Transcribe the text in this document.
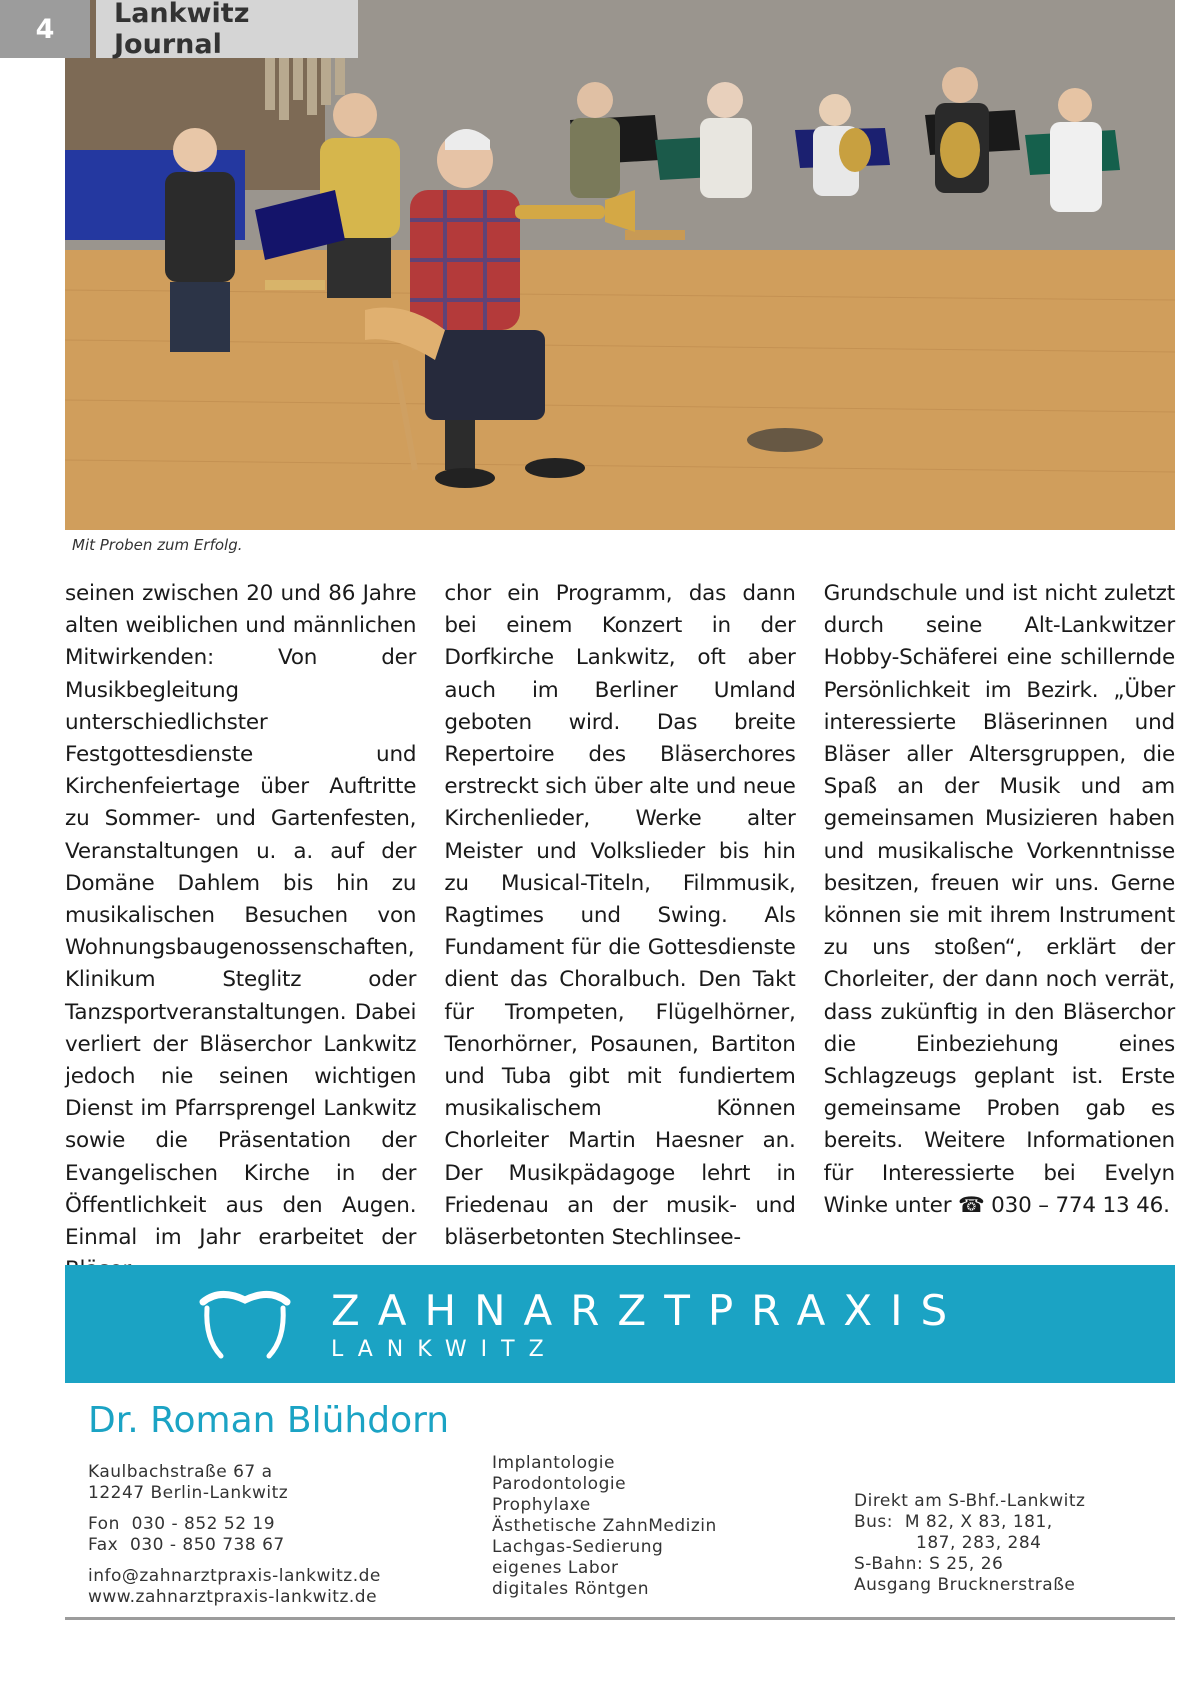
4	Lankwitz Journal
Mit Proben zum Erfolg.
seinen zwischen 20 und 86 Jahre alten weiblichen und männlichen Mitwirkenden: Von der Musikbegleitung unterschiedlichster Festgottesdienste und Kirchenfeiertage über Auftritte zu Sommer- und Gartenfesten, Veranstaltungen u. a. auf der Domäne Dahlem bis hin zu musikalischen Besuchen von Wohnungsbaugenossenschaften, Klinikum Steglitz oder Tanzsportveranstaltungen. Dabei verliert der Bläserchor Lankwitz jedoch nie seinen wichtigen Dienst im Pfarrsprengel Lankwitz sowie die Präsentation der Evangelischen Kirche in der Öffentlichkeit aus den Augen. Einmal im Jahr erarbeitet der
chor ein Programm, das dann bei einem Konzert in der Dorfkirche Lankwitz, oft aber auch im Berliner Umland geboten wird. Das breite Repertoire des Bläserchores erstreckt sich über alte und neue Kirchenlieder, Werke alter Meister und Volkslieder bis hin zu Musical-Titeln, Filmmusik, Ragtimes und Swing. Als Fundament für die Gottesdienste dient das Choralbuch. Den Takt für Trompeten, Flügelhörner, Tenorhörner, Posaunen, Bartiton und Tuba gibt mit fundiertem musikalischem Können Chorleiter Martin Haesner an. Der Musikpädagoge lehrt in Friedenau an der musik- und bläserbetonten Stechlinsee-
Grundschule und ist nicht zuletzt durch seine Alt-Lankwitzer Hobby-Schäferei eine schillernde Persönlichkeit im Bezirk. „Über interessierte Bläserinnen und Bläser aller Altersgruppen, die Spaß an der Musik und am gemeinsamen Musizieren haben und musikalische Vorkenntnisse besitzen, freuen wir uns. Gerne können sie mit ihrem Instrument zu uns stoßen“, erklärt der Chorleiter, der dann noch verrät, dass zukünftig in den Bläserchor die Einbeziehung eines Schlagzeugs geplant ist. Erste gemeinsame Proben gab es bereits. Weitere Informationen für Interessierte bei Evelyn Winke unter ☎ 030 – 774 13 46.
ZAHNARZTPRAXIS
LANKWITZ
Dr. Roman Blühdorn
Kaulbachstraße 67 a
12247 Berlin-Lankwitz
Fon  030 - 852 52 19
Fax  030 - 850 738 67
info@zahnarztpraxis-lankwitz.de
www.zahnarztpraxis-lankwitz.de
Implantologie
Parodontologie
Prophylaxe
Ästhetische ZahnMedizin
Lachgas-Sedierung
eigenes Labor
digitales Röntgen
Direkt am S-Bhf.-Lankwitz
Bus:  M 82, X 83, 181,
187, 283, 284
S-Bahn: S 25, 26
Ausgang Brucknerstraße
